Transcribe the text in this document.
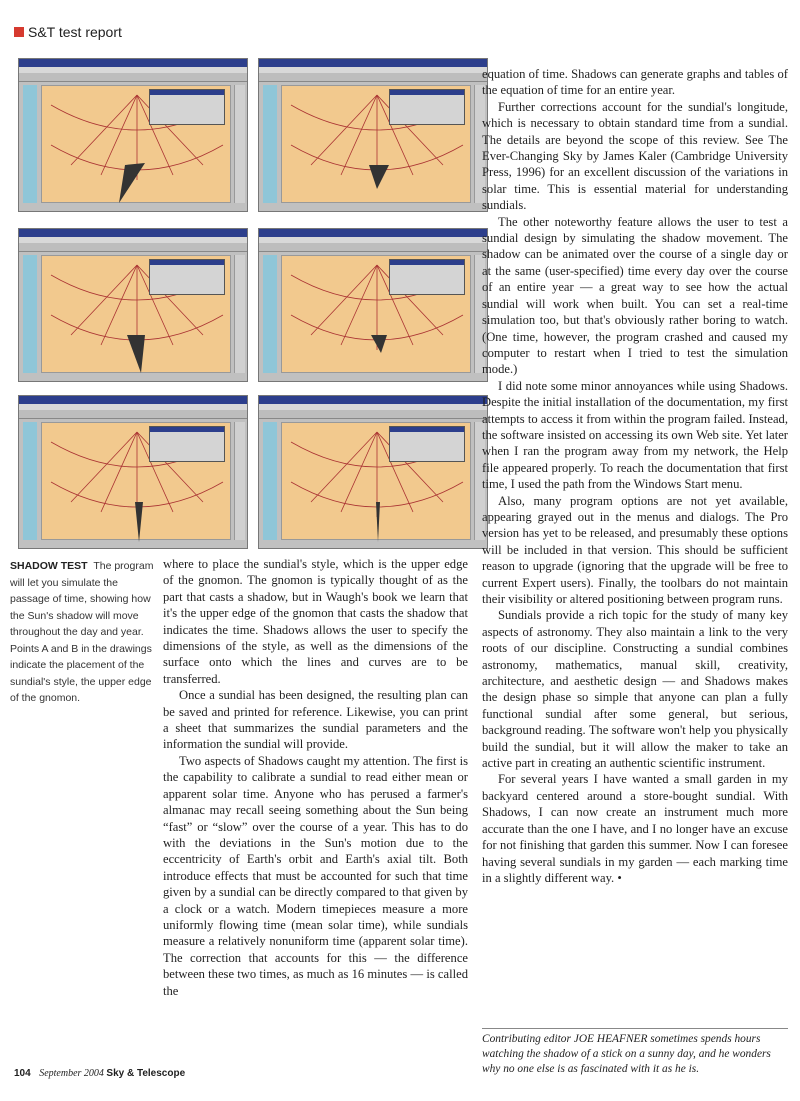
S&T test report
SHADOW TEST The program will let you simulate the passage of time, showing how the Sun's shadow will move throughout the day and year. Points A and B in the drawings indicate the placement of the sundial's style, the upper edge of the gnomon.

where to place the sundial's style, which is the upper edge of the gnomon. The gnomon is typically thought of as the part that casts a shadow, but in Waugh's book we learn that it's the upper edge of the gnomon that casts the shadow that indicates the time. Shadows allows the user to specify the dimensions of the style, as well as the dimensions of the surface onto which the lines and curves are to be transferred.

Once a sundial has been designed, the resulting plan can be saved and printed for reference. Likewise, you can print a sheet that summarizes the sundial parameters and the information the sundial will provide.

Two aspects of Shadows caught my attention. The first is the capability to calibrate a sundial to read either mean or apparent solar time. Anyone who has perused a farmer's almanac may recall seeing something about the Sun being “fast” or “slow” over the course of a year. This has to do with the deviations in the Sun's motion due to the eccentricity of Earth's orbit and Earth's axial tilt. Both introduce effects that must be accounted for such that time given by a sundial can be directly compared to that given by a clock or a watch. Modern timepieces measure a more uniformly flowing time (mean solar time), while sundials measure a relatively nonuniform time (apparent solar time). The correction that accounts for this — the difference between these two times, as much as 16 minutes — is called the

equation of time. Shadows can generate graphs and tables of the equation of time for an entire year.

Further corrections account for the sundial's longitude, which is necessary to obtain standard time from a sundial. The details are beyond the scope of this review. See The Ever-Changing Sky by James Kaler (Cambridge University Press, 1996) for an excellent discussion of the variations in solar time. This is essential material for understanding sundials.

The other noteworthy feature allows the user to test a sundial design by simulating the shadow movement. The shadow can be animated over the course of a single day or at the same (user-specified) time every day over the course of an entire year — a great way to see how the actual sundial will work when built. You can set a real-time simulation too, but that's obviously rather boring to watch. (One time, however, the program crashed and caused my computer to restart when I tried to test the simulation mode.)

I did note some minor annoyances while using Shadows. Despite the initial installation of the documentation, my first attempts to access it from within the program failed. Instead, the software insisted on accessing its own Web site. Yet later when I ran the program away from my network, the Help file appeared properly. To reach the documentation that first time, I used the path from the Windows Start menu.

Also, many program options are not yet available, appearing grayed out in the menus and dialogs. The Pro version has yet to be released, and presumably these options will be included in that version. This should be sufficient reason to upgrade (ignoring that the upgrade will be free to current Expert users). Finally, the toolbars do not maintain their visibility or altered positioning between program runs.

Sundials provide a rich topic for the study of many key aspects of astronomy. They also maintain a link to the very roots of our discipline. Constructing a sundial combines astronomy, mathematics, manual skill, creativity, architecture, and aesthetic design — and Shadows makes the design phase so simple that anyone can plan a fully functional sundial after some general, but serious, background reading. The software won't help you physically build the sundial, but it will allow the maker to take an active part in creating an authentic scientific instrument.

For several years I have wanted a small garden in my backyard centered around a store-bought sundial. With Shadows, I can now create an instrument much more accurate than the one I have, and I no longer have an excuse for not finishing that garden this summer. Now I can foresee having several sundials in my garden — each marking time in a slightly different way. •

Contributing editor JOE HEAFNER sometimes spends hours watching the shadow of a stick on a sunny day, and he wonders why no one else is as fascinated with it as he is.
104 September 2004 Sky & Telescope
